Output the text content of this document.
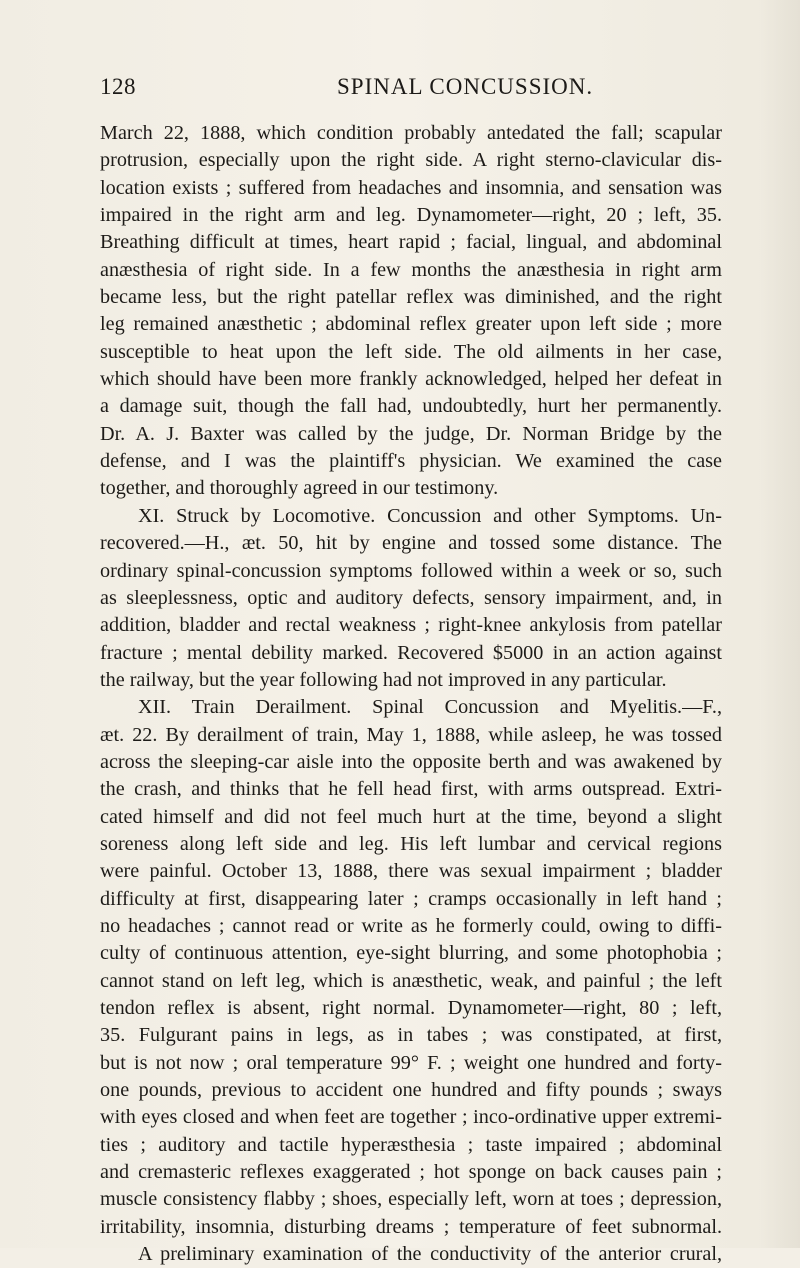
128	SPINAL CONCUSSION.
March 22, 1888, which condition probably antedated the fall; scapular
protrusion, especially upon the right side. A right sterno-clavicular dis-
location exists ; suffered from headaches and insomnia, and sensation was
impaired in the right arm and leg. Dynamometer—right, 20 ; left, 35.
Breathing difficult at times, heart rapid ; facial, lingual, and abdominal
anæsthesia of right side. In a few months the anæsthesia in right arm
became less, but the right patellar reflex was diminished, and the right
leg remained anæsthetic ; abdominal reflex greater upon left side ; more
susceptible to heat upon the left side. The old ailments in her case,
which should have been more frankly acknowledged, helped her defeat in
a damage suit, though the fall had, undoubtedly, hurt her permanently.
Dr. A. J. Baxter was called by the judge, Dr. Norman Bridge by the
defense, and I was the plaintiff's physician. We examined the case
together, and thoroughly agreed in our testimony.
XI. Struck by Locomotive. Concussion and other Symptoms. Un-
recovered.—H., æt. 50, hit by engine and tossed some distance. The
ordinary spinal-concussion symptoms followed within a week or so, such
as sleeplessness, optic and auditory defects, sensory impairment, and, in
addition, bladder and rectal weakness ; right-knee ankylosis from patellar
fracture ; mental debility marked. Recovered $5000 in an action against
the railway, but the year following had not improved in any particular.
XII. Train Derailment. Spinal Concussion and Myelitis.—F.,
æt. 22. By derailment of train, May 1, 1888, while asleep, he was tossed
across the sleeping-car aisle into the opposite berth and was awakened by
the crash, and thinks that he fell head first, with arms outspread. Extri-
cated himself and did not feel much hurt at the time, beyond a slight
soreness along left side and leg. His left lumbar and cervical regions
were painful. October 13, 1888, there was sexual impairment ; bladder
difficulty at first, disappearing later ; cramps occasionally in left hand ;
no headaches ; cannot read or write as he formerly could, owing to diffi-
culty of continuous attention, eye-sight blurring, and some photophobia ;
cannot stand on left leg, which is anæsthetic, weak, and painful ; the left
tendon reflex is absent, right normal. Dynamometer—right, 80 ; left,
35. Fulgurant pains in legs, as in tabes ; was constipated, at first,
but is not now ; oral temperature 99° F. ; weight one hundred and forty-
one pounds, previous to accident one hundred and fifty pounds ; sways
with eyes closed and when feet are together ; inco-ordinative upper extremi-
ties ; auditory and tactile hyperæsthesia ; taste impaired ; abdominal
and cremasteric reflexes exaggerated ; hot sponge on back causes pain ;
muscle consistency flabby ; shoes, especially left, worn at toes ; depression,
irritability, insomnia, disturbing dreams ; temperature of feet subnormal.
A preliminary examination of the conductivity of the anterior crural,
